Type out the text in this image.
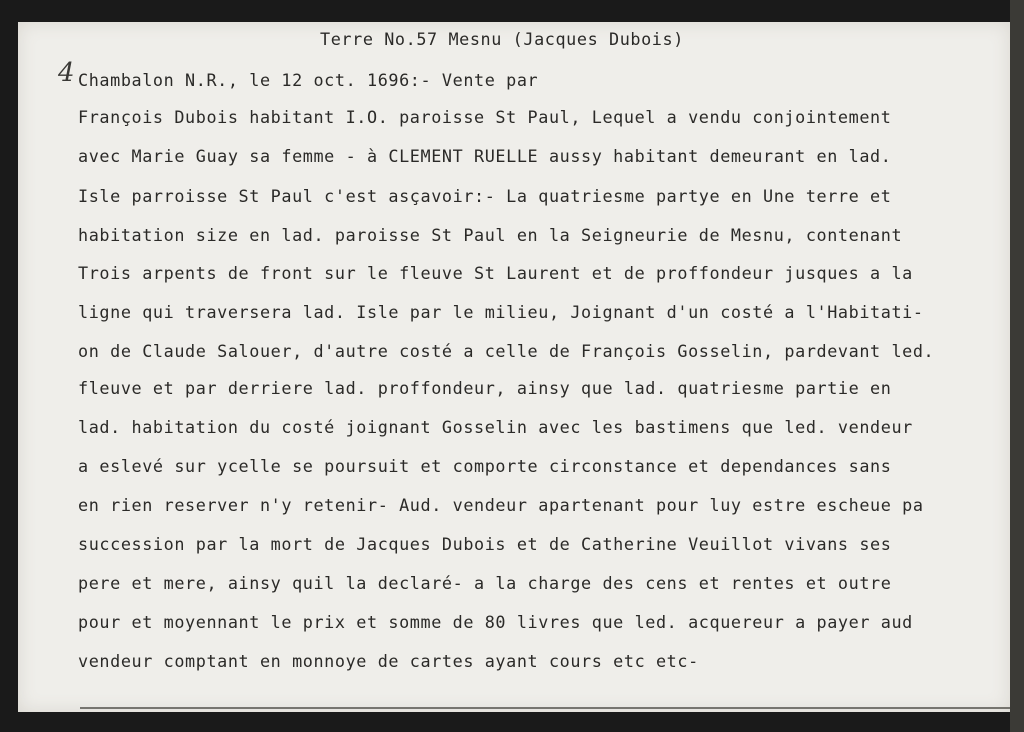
4
Terre No.57 Mesnu (Jacques Dubois)
Chambalon N.R., le 12 oct. 1696:- Vente par
François Dubois habitant I.O. paroisse St Paul, Lequel a vendu conjointement
avec Marie Guay sa femme - à CLEMENT RUELLE aussy habitant demeurant en lad.
Isle parroisse St Paul c'est asçavoir:- La quatriesme partye en Une terre et
habitation size en lad. paroisse St Paul en la Seigneurie de Mesnu, contenant
Trois arpents de front sur le fleuve St Laurent et de proffondeur jusques a la
ligne qui traversera lad. Isle par le milieu, Joignant d'un costé a l'Habitati-
on de Claude Salouer, d'autre costé a celle de François Gosselin, pardevant led.
fleuve et par derriere lad. proffondeur, ainsy que lad. quatriesme partie en
lad. habitation du costé joignant Gosselin avec les bastimens que led. vendeur
a eslevé sur ycelle se poursuit et comporte circonstance et dependances sans
en rien reserver n'y retenir- Aud. vendeur apartenant pour luy estre escheue pa
succession par la mort de Jacques Dubois et de Catherine Veuillot vivans ses
pere et mere, ainsy quil la declaré- a la charge des cens et rentes et outre
pour et moyennant le prix et somme de 80 livres que led. acquereur a payer aud
vendeur comptant en monnoye de cartes ayant cours etc etc-
